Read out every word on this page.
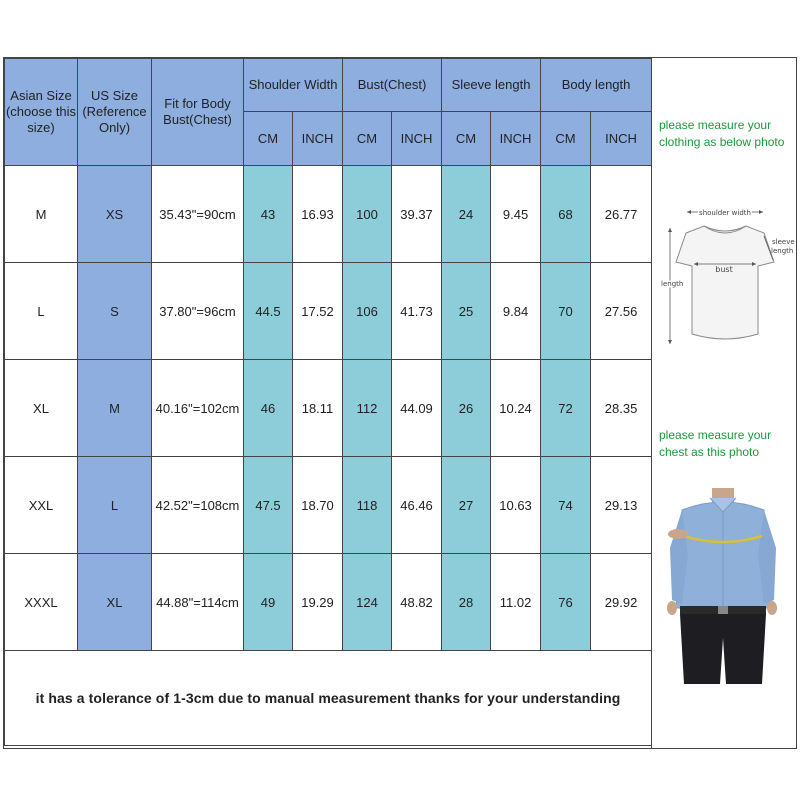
Asian Size (choose this size)	US Size (Reference Only)	Fit for Body Bust(Chest)	Shoulder Width		Bust(Chest)		Sleeve length		Body length	
			CM	INCH	CM	INCH	CM	INCH	CM	INCH
M	XS	35.43"=90cm	43	16.93	100	39.37	24	9.45	68	26.77
L	S	37.80"=96cm	44.5	17.52	106	41.73	25	9.84	70	27.56
XL	M	40.16"=102cm	46	18.11	112	44.09	26	10.24	72	28.35
XXL	L	42.52"=108cm	47.5	18.70	118	46.46	27	10.63	74	29.13
XXXL	XL	44.88"=114cm	49	19.29	124	48.82	28	11.02	76	29.92
it has a tolerance of 1-3cm due to manual measurement thanks for your understanding										
please measure your
clothing as below photo
shoulder width
bust
sleeve
length
length
please measure your
chest as this photo
